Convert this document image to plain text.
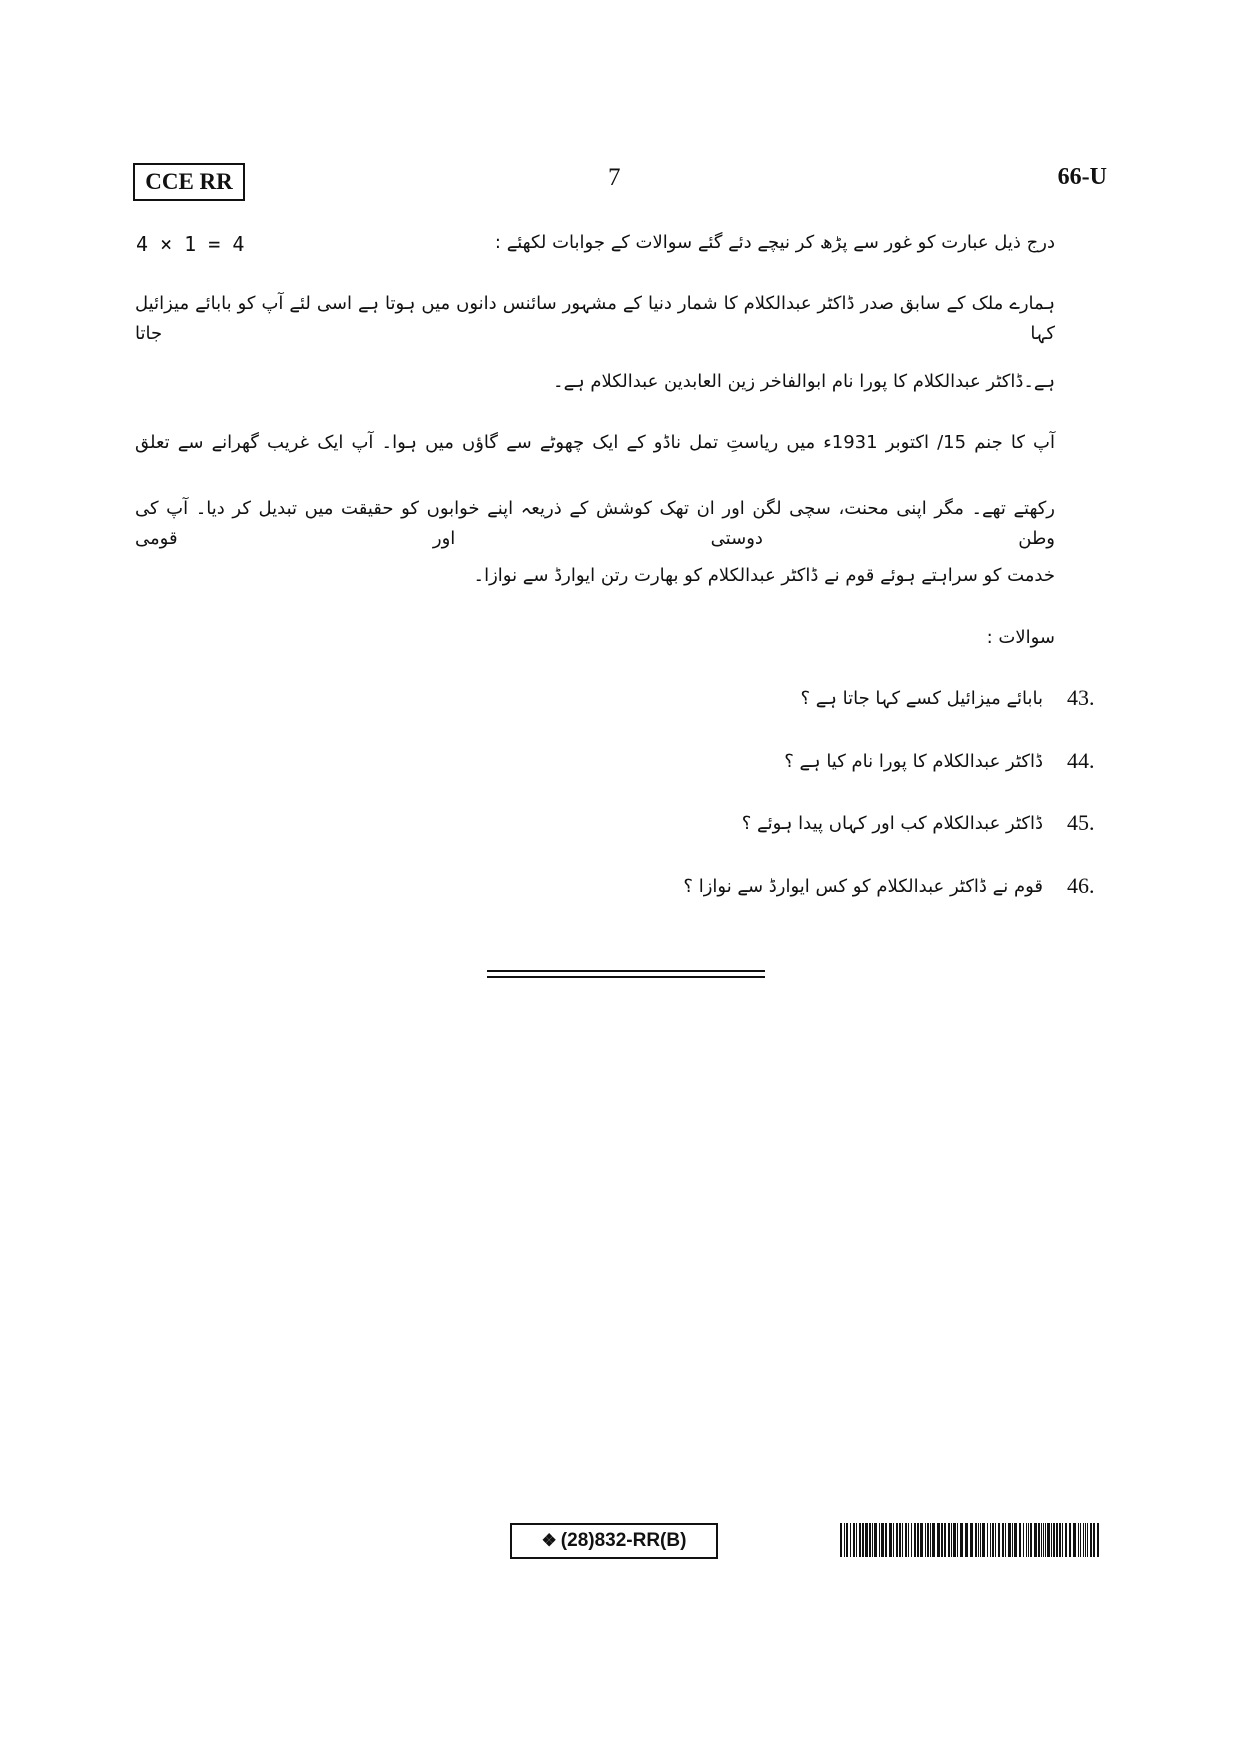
CCE RR	7	66-U
4 × 1 = 4	درج ذیل عبارت کو غور سے پڑھ کر نیچے دئے گئے سوالات کے جوابات لکھئے :
ہمارے ملک کے سابق صدر ڈاکٹر عبدالکلام کا شمار دنیا کے مشہور سائنس دانوں میں ہوتا ہے اسی لئے آپ کو بابائے میزائیل کہا جاتا
ہے۔ڈاکٹر عبدالکلام کا پورا نام ابوالفاخر زین العابدین عبدالکلام ہے۔
آپ کا جنم 15/ اکتوبر 1931ء میں ریاستِ تمل ناڈو کے ایک چھوٹے سے گاؤں میں ہوا۔ آپ ایک غریب گھرانے سے تعلق
رکھتے تھے۔ مگر اپنی محنت، سچی لگن اور ان تھک کوشش کے ذریعہ اپنے خوابوں کو حقیقت میں تبدیل کر دیا۔ آپ کی وطن دوستی اور قومی
خدمت کو سراہتے ہوئے قوم نے ڈاکٹر عبدالکلام کو بھارت رتن ایوارڈ سے نوازا۔
سوالات :
بابائے میزائیل کسے کہا جاتا ہے ؟ 43.
ڈاکٹر عبدالکلام کا پورا نام کیا ہے ؟ 44.
ڈاکٹر عبدالکلام کب اور کہاں پیدا ہوئے ؟ 45.
قوم نے ڈاکٹر عبدالکلام کو کس ایوارڈ سے نوازا ؟ 46.
❖ (28)832-RR(B)
